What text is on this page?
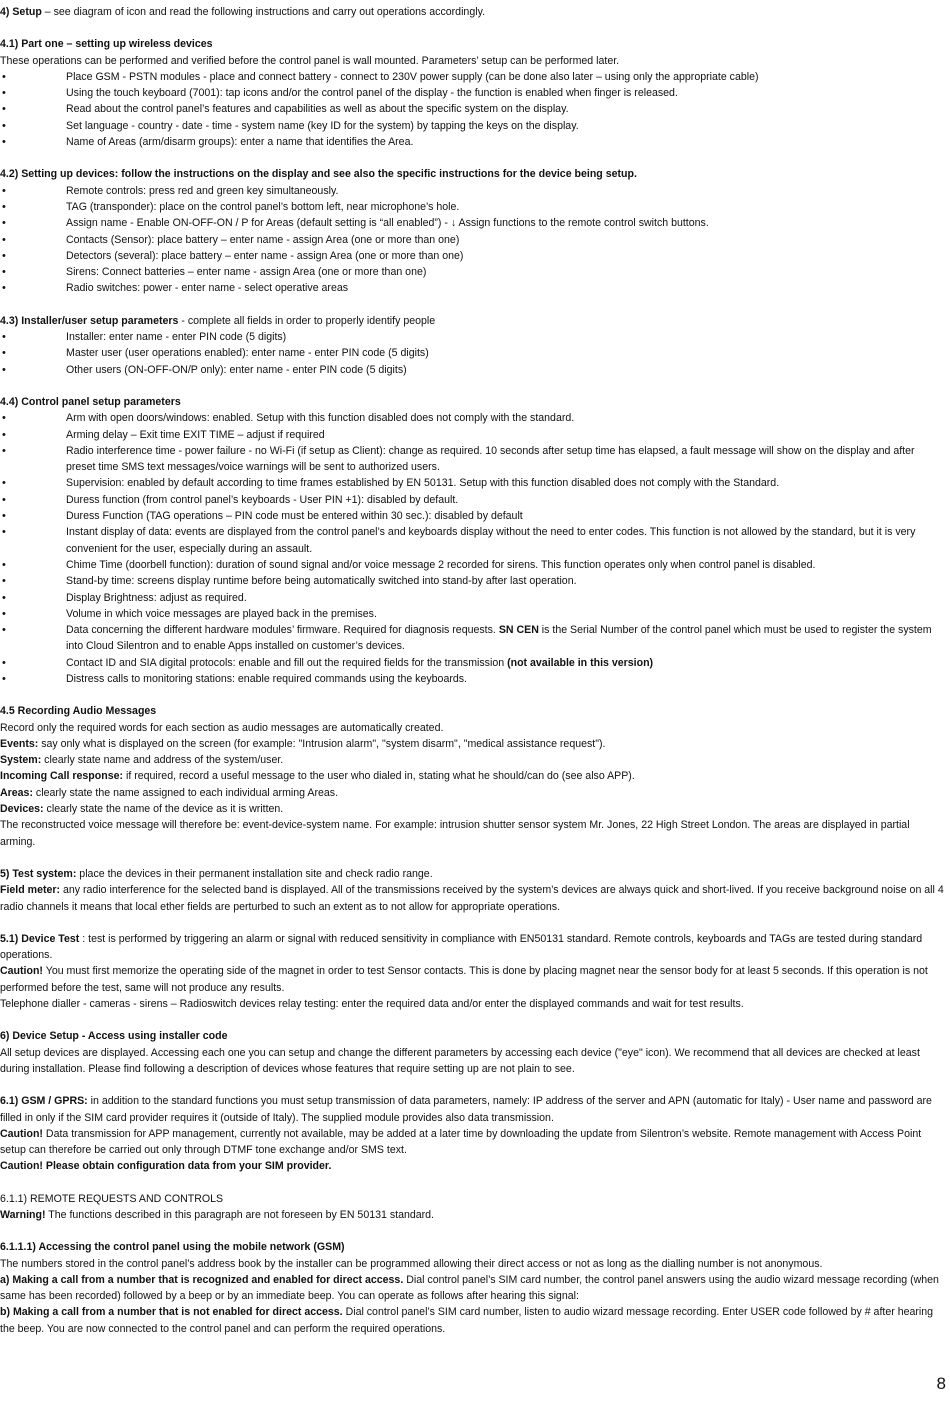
4) Setup – see diagram of icon and read the following instructions and carry out operations accordingly.

4.1) Part one – setting up wireless devices

These operations can be performed and verified before the control panel is wall mounted. Parameters’ setup can be performed later.

• Place GSM - PSTN modules - place and connect battery - connect to 230V power supply (can be done also later – using only the appropriate cable)
• Using the touch keyboard (7001): tap icons and/or the control panel of the display - the function is enabled when finger is released.
• Read about the control panel’s features and capabilities as well as about the specific system on the display.
• Set language - country - date - time - system name (key ID for the system) by tapping the keys on the display.
• Name of Areas (arm/disarm groups): enter a name that identifies the Area.

4.2) Setting up devices: follow the instructions on the display and see also the specific instructions for the device being setup.

• Remote controls: press red and green key simultaneously.
• TAG (transponder): place on the control panel’s bottom left, near microphone’s hole.
• Assign name - Enable ON-OFF-ON / P for Areas (default setting is “all enabled”) - ↓ Assign functions to the remote control switch buttons.
• Contacts (Sensor): place battery – enter name - assign Area (one or more than one)
• Detectors (several): place battery – enter name - assign Area (one or more than one)
• Sirens: Connect batteries – enter name - assign Area (one or more than one)
• Radio switches: power - enter name - select operative areas

4.3) Installer/user setup parameters - complete all fields in order to properly identify people

• Installer: enter name - enter PIN code (5 digits)
• Master user (user operations enabled): enter name - enter PIN code (5 digits)
• Other users (ON-OFF-ON/P only): enter name - enter PIN code (5 digits)

4.4) Control panel setup parameters

• Arm with open doors/windows: enabled. Setup with this function disabled does not comply with the standard.
• Arming delay – Exit time EXIT TIME – adjust if required
• Radio interference time - power failure - no Wi-Fi (if setup as Client): change as required. 10 seconds after setup time has elapsed, a fault message will show on the display and after preset time SMS text messages/voice warnings will be sent to authorized users.
• Supervision: enabled by default according to time frames established by EN 50131. Setup with this function disabled does not comply with the Standard.
• Duress function (from control panel’s keyboards - User PIN +1): disabled by default.
• Duress Function (TAG operations – PIN code must be entered within 30 sec.): disabled by default
• Instant display of data: events are displayed from the control panel’s and keyboards display without the need to enter codes. This function is not allowed by the standard, but it is very convenient for the user, especially during an assault.
• Chime Time (doorbell function): duration of sound signal and/or voice message 2 recorded for sirens. This function operates only when control panel is disabled.
• Stand-by time: screens display runtime before being automatically switched into stand-by after last operation.
• Display Brightness: adjust as required.
• Volume in which voice messages are played back in the premises.
• Data concerning the different hardware modules’ firmware. Required for diagnosis requests. SN CEN is the Serial Number of the control panel which must be used to register the system into Cloud Silentron and to enable Apps installed on customer’s devices.
• Contact ID and SIA digital protocols: enable and fill out the required fields for the transmission (not available in this version)
• Distress calls to monitoring stations: enable required commands using the keyboards.

4.5 Recording Audio Messages

Record only the required words for each section as audio messages are automatically created.

Events: say only what is displayed on the screen (for example: "Intrusion alarm", "system disarm", "medical assistance request").

System: clearly state name and address of the system/user.

Incoming Call response: if required, record a useful message to the user who dialed in, stating what he should/can do (see also APP).

Areas: clearly state the name assigned to each individual arming Areas.

Devices: clearly state the name of the device as it is written.

The reconstructed voice message will therefore be: event-device-system name. For example: intrusion shutter sensor system Mr. Jones, 22 High Street London. The areas are displayed in partial arming.

5) Test system: place the devices in their permanent installation site and check radio range.

Field meter: any radio interference for the selected band is displayed. All of the transmissions received by the system’s devices are always quick and short-lived. If you receive background noise on all 4 radio channels it means that local ether fields are perturbed to such an extent as to not allow for appropriate operations.

5.1) Device Test : test is performed by triggering an alarm or signal with reduced sensitivity in compliance with EN50131 standard. Remote controls, keyboards and TAGs are tested during standard operations.

Caution! You must first memorize the operating side of the magnet in order to test Sensor contacts. This is done by placing magnet near the sensor body for at least 5 seconds. If this operation is not performed before the test, same will not produce any results.

Telephone dialler - cameras - sirens – Radioswitch devices relay testing: enter the required data and/or enter the displayed commands and wait for test results.

6) Device Setup - Access using installer code

All setup devices are displayed. Accessing each one you can setup and change the different parameters by accessing each device ("eye" icon). We recommend that all devices are checked at least during installation. Please find following a description of devices whose features that require setting up are not plain to see.

6.1) GSM / GPRS: in addition to the standard functions you must setup transmission of data parameters, namely: IP address of the server and APN (automatic for Italy) - User name and password are filled in only if the SIM card provider requires it (outside of Italy). The supplied module provides also data transmission.

Caution! Data transmission for APP management, currently not available, may be added at a later time by downloading the update from Silentron’s website. Remote management with Access Point setup can therefore be carried out only through DTMF tone exchange and/or SMS text.

Caution! Please obtain configuration data from your SIM provider.

6.1.1) REMOTE REQUESTS AND CONTROLS

Warning! The functions described in this paragraph are not foreseen by EN 50131 standard.

6.1.1.1) Accessing the control panel using the mobile network (GSM)

The numbers stored in the control panel’s address book by the installer can be programmed allowing their direct access or not as long as the dialling number is not anonymous.

a) Making a call from a number that is recognized and enabled for direct access. Dial control panel’s SIM card number, the control panel answers using the audio wizard message recording (when same has been recorded) followed by a beep or by an immediate beep. You can operate as follows after hearing this signal:

b) Making a call from a number that is not enabled for direct access. Dial control panel’s SIM card number, listen to audio wizard message recording. Enter USER code followed by # after hearing the beep. You are now connected to the control panel and can perform the required operations.

8
